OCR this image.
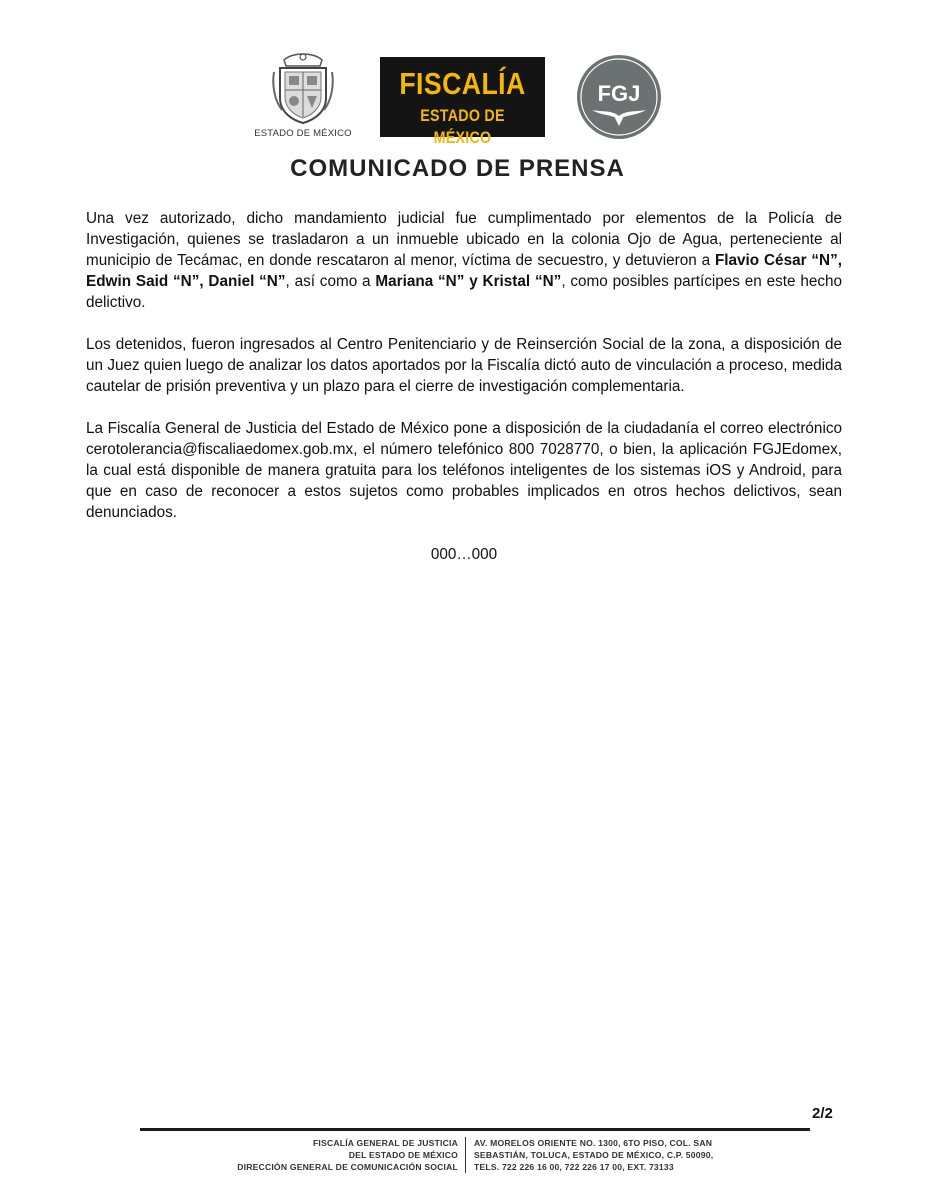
ESTADO DE MÉXICO
FISCALÍA
ESTADO DE MÉXICO
FGJ
COMUNICADO DE PRENSA

Una vez autorizado, dicho mandamiento judicial fue cumplimentado por elementos de la Policía de Investigación, quienes se trasladaron a un inmueble ubicado en la colonia Ojo de Agua, perteneciente al municipio de Tecámac, en donde rescataron al menor, víctima de secuestro, y detuvieron a Flavio César “N”, Edwin Said “N”, Daniel “N”, así como a Mariana “N” y Kristal “N”, como posibles partícipes en este hecho delictivo.

Los detenidos, fueron ingresados al Centro Penitenciario y de Reinserción Social de la zona, a disposición de un Juez quien luego de analizar los datos aportados por la Fiscalía dictó auto de vinculación a proceso, medida cautelar de prisión preventiva y un plazo para el cierre de investigación complementaria.

La Fiscalía General de Justicia del Estado de México pone a disposición de la ciudadanía el correo electrónico cerotolerancia@fiscaliaedomex.gob.mx, el número telefónico 800 7028770, o bien, la aplicación FGJEdomex, la cual está disponible de manera gratuita para los teléfonos inteligentes de los sistemas iOS y Android, para que en caso de reconocer a estos sujetos como probables implicados en otros hechos delictivos, sean denunciados.

000…000

2/2
FISCALÍA GENERAL DE JUSTICIA
DEL ESTADO DE MÉXICO
DIRECCIÓN GENERAL DE COMUNICACIÓN SOCIAL
AV. MORELOS ORIENTE NO. 1300, 6TO PISO, COL. SAN
SEBASTIÁN, TOLUCA, ESTADO DE MÉXICO, C.P. 50090,
TELS. 722 226 16 00, 722 226 17 00, EXT. 73133
